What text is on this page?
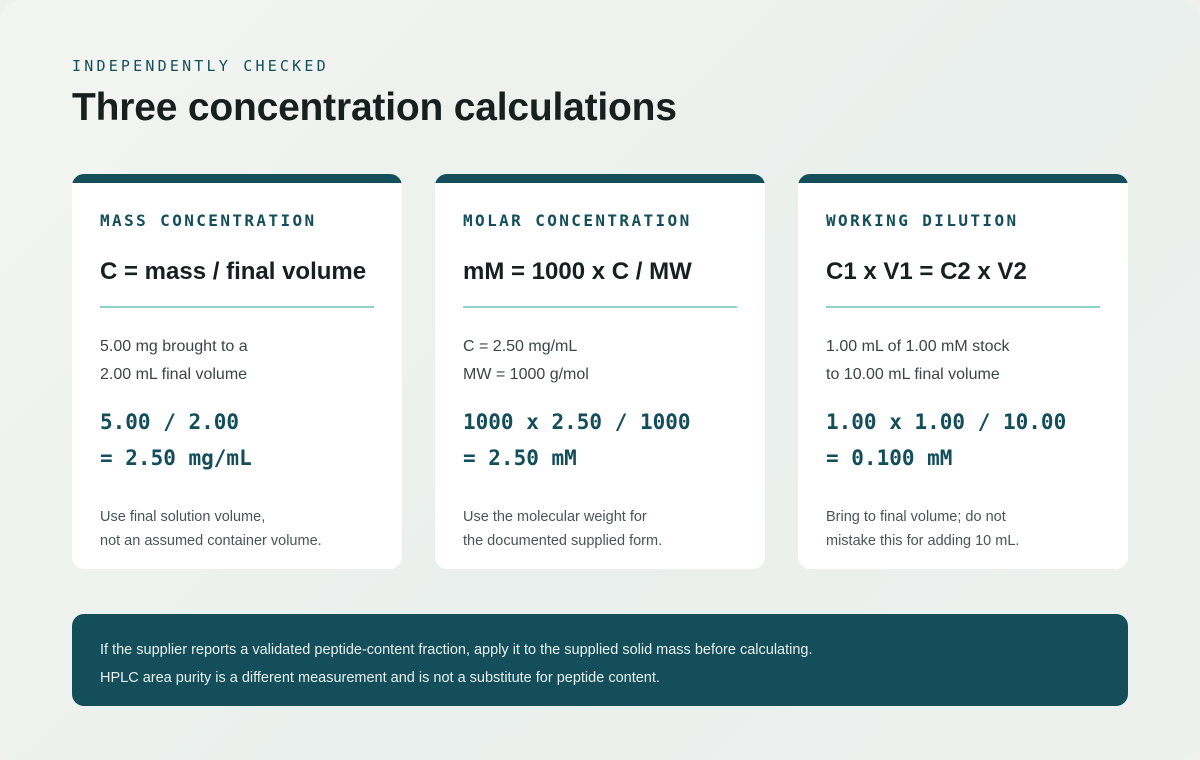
INDEPENDENTLY CHECKED
Three concentration calculations
MASS CONCENTRATION
C = mass / final volume
5.00 mg brought to a
2.00 mL final volume
5.00 / 2.00
= 2.50 mg/mL
Use final solution volume,
not an assumed container volume.
MOLAR CONCENTRATION
mM = 1000 x C / MW
C = 2.50 mg/mL
MW = 1000 g/mol
1000 x 2.50 / 1000
= 2.50 mM
Use the molecular weight for
the documented supplied form.
WORKING DILUTION
C1 x V1 = C2 x V2
1.00 mL of 1.00 mM stock
to 10.00 mL final volume
1.00 x 1.00 / 10.00
= 0.100 mM
Bring to final volume; do not
mistake this for adding 10 mL.
If the supplier reports a validated peptide-content fraction, apply it to the supplied solid mass before calculating.
HPLC area purity is a different measurement and is not a substitute for peptide content.
